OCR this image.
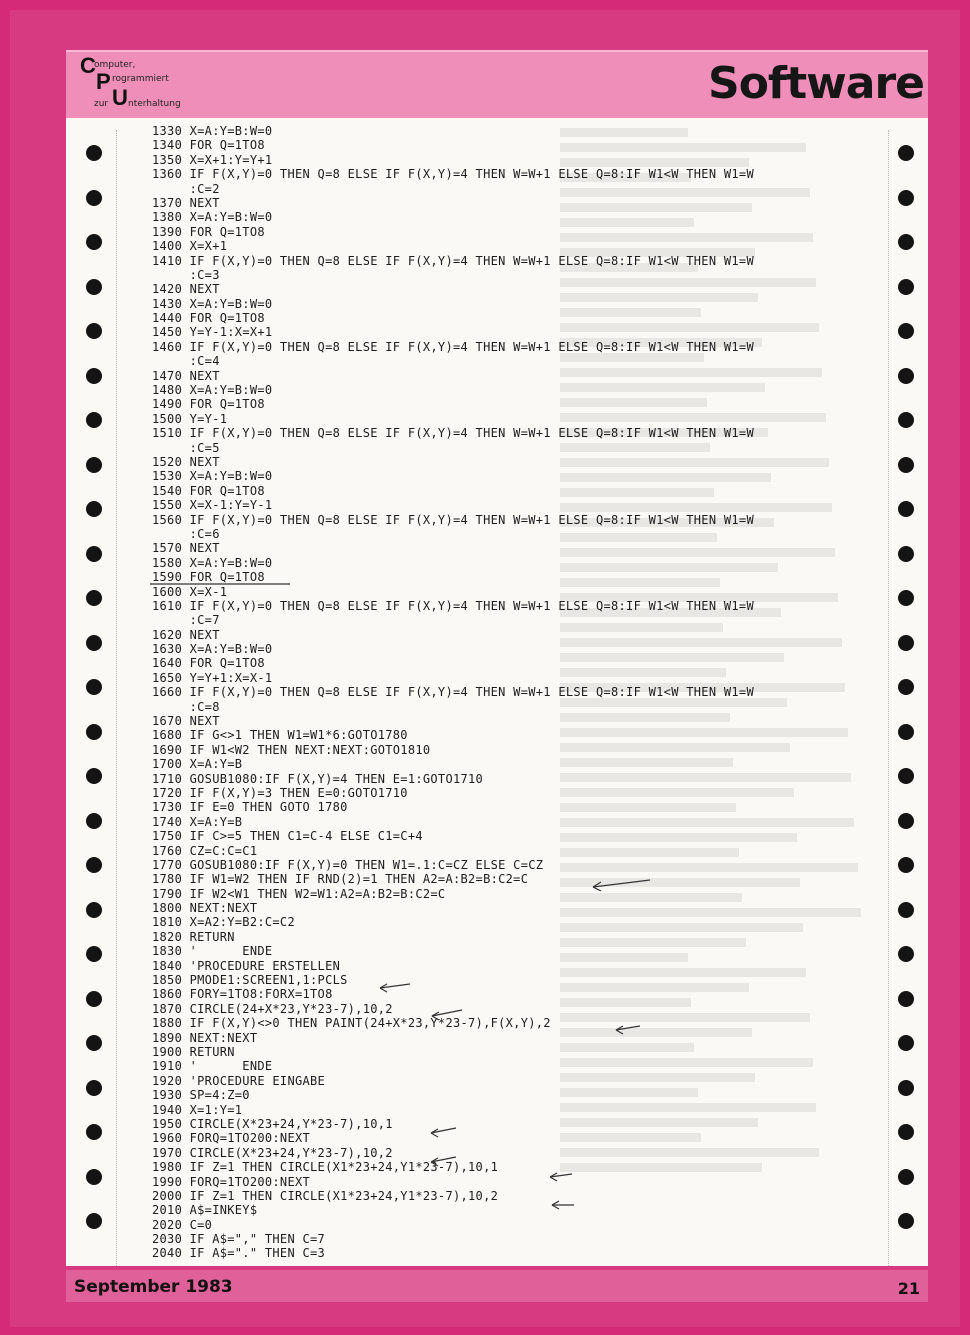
C
omputer,
P rogrammiert
U
zur nterhaltung	Software
1330 X=A:Y=B:W=0
1340 FOR Q=1TO8
1350 X=X+1:Y=Y+1
1360 IF F(X,Y)=0 THEN Q=8 ELSE IF F(X,Y)=4 THEN W=W+1 ELSE Q=8:IF W1<W THEN W1=W
:C=2
1370 NEXT
1380 X=A:Y=B:W=0
1390 FOR Q=1TO8
1400 X=X+1
1410 IF F(X,Y)=0 THEN Q=8 ELSE IF F(X,Y)=4 THEN W=W+1 ELSE Q=8:IF W1<W THEN W1=W
:C=3
1420 NEXT
1430 X=A:Y=B:W=0
1440 FOR Q=1TO8
1450 Y=Y-1:X=X+1
1460 IF F(X,Y)=0 THEN Q=8 ELSE IF F(X,Y)=4 THEN W=W+1 ELSE Q=8:IF W1<W THEN W1=W
:C=4
1470 NEXT
1480 X=A:Y=B:W=0
1490 FOR Q=1TO8
1500 Y=Y-1
1510 IF F(X,Y)=0 THEN Q=8 ELSE IF F(X,Y)=4 THEN W=W+1 ELSE Q=8:IF W1<W THEN W1=W
:C=5
1520 NEXT
1530 X=A:Y=B:W=0
1540 FOR Q=1TO8
1550 X=X-1:Y=Y-1
1560 IF F(X,Y)=0 THEN Q=8 ELSE IF F(X,Y)=4 THEN W=W+1 ELSE Q=8:IF W1<W THEN W1=W
:C=6
1570 NEXT
1580 X=A:Y=B:W=0
1590 FOR Q=1TO8
1600 X=X-1
1610 IF F(X,Y)=0 THEN Q=8 ELSE IF F(X,Y)=4 THEN W=W+1 ELSE Q=8:IF W1<W THEN W1=W
:C=7
1620 NEXT
1630 X=A:Y=B:W=0
1640 FOR Q=1TO8
1650 Y=Y+1:X=X-1
1660 IF F(X,Y)=0 THEN Q=8 ELSE IF F(X,Y)=4 THEN W=W+1 ELSE Q=8:IF W1<W THEN W1=W
:C=8
1670 NEXT
1680 IF G<>1 THEN W1=W1*6:GOTO1780
1690 IF W1<W2 THEN NEXT:NEXT:GOTO1810
1700 X=A:Y=B
1710 GOSUB1080:IF F(X,Y)=4 THEN E=1:GOTO1710
1720 IF F(X,Y)=3 THEN E=0:GOTO1710
1730 IF E=0 THEN GOTO 1780
1740 X=A:Y=B
1750 IF C>=5 THEN C1=C-4 ELSE C1=C+4
1760 CZ=C:C=C1
1770 GOSUB1080:IF F(X,Y)=0 THEN W1=.1:C=CZ ELSE C=CZ
1780 IF W1=W2 THEN IF RND(2)=1 THEN A2=A:B2=B:C2=C
1790 IF W2<W1 THEN W2=W1:A2=A:B2=B:C2=C
1800 NEXT:NEXT
1810 X=A2:Y=B2:C=C2
1820 RETURN
1830 '      ENDE
1840 'PROCEDURE ERSTELLEN
1850 PMODE1:SCREEN1,1:PCLS
1860 FORY=1TO8:FORX=1TO8
1870 CIRCLE(24+X*23,Y*23-7),10,2
1880 IF F(X,Y)<>0 THEN PAINT(24+X*23,Y*23-7),F(X,Y),2
1890 NEXT:NEXT
1900 RETURN
1910 '      ENDE
1920 'PROCEDURE EINGABE
1930 SP=4:Z=0
1940 X=1:Y=1
1950 CIRCLE(X*23+24,Y*23-7),10,1
1960 FORQ=1TO200:NEXT
1970 CIRCLE(X*23+24,Y*23-7),10,2
1980 IF Z=1 THEN CIRCLE(X1*23+24,Y1*23-7),10,1
1990 FORQ=1TO200:NEXT
2000 IF Z=1 THEN CIRCLE(X1*23+24,Y1*23-7),10,2
2010 A$=INKEY$
2020 C=0
2030 IF A$="," THEN C=7
2040 IF A$="." THEN C=3
September 1983	21
